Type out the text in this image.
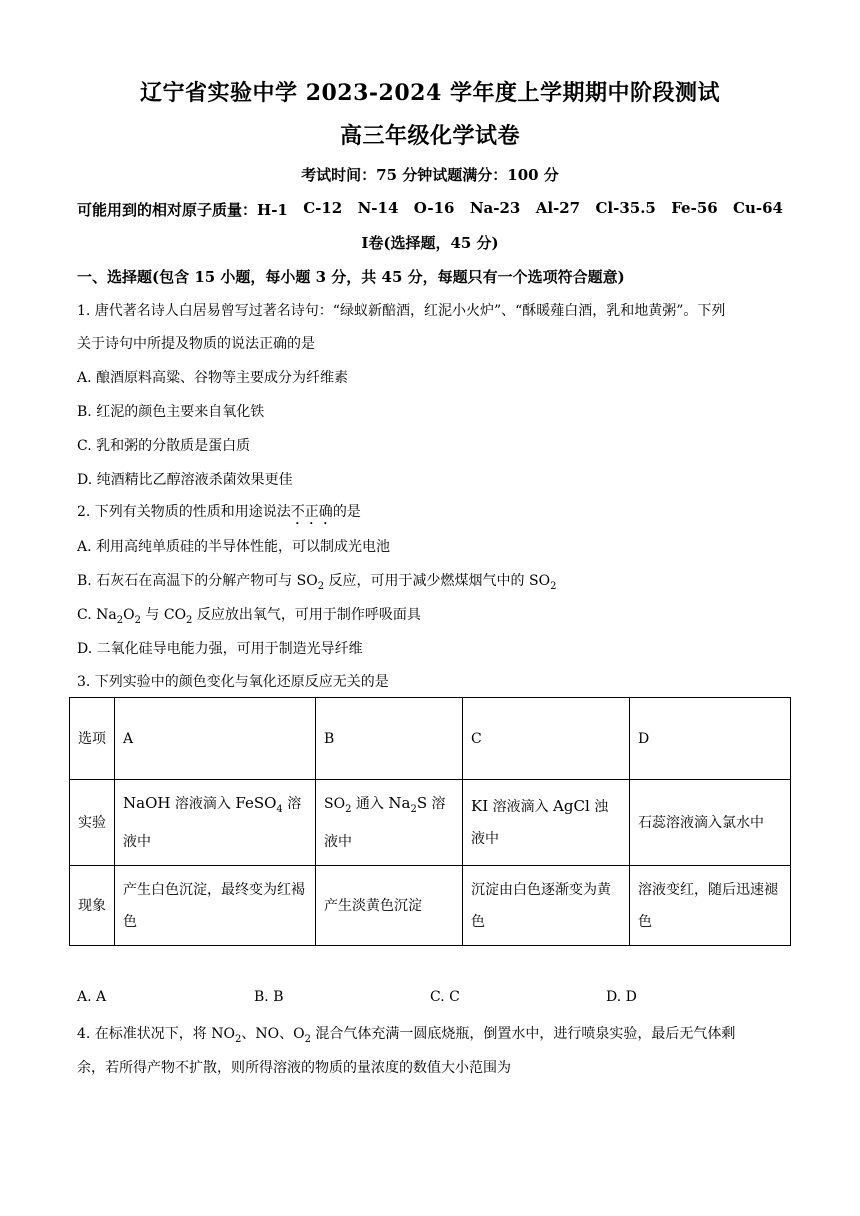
辽宁省实验中学 2023-2024 学年度上学期期中阶段测试
高三年级化学试卷
考试时间：75 分钟试题满分：100 分
可能用到的相对原子质量：H-1 C-12 N-14 O-16 Na-23 Al-27 Cl-35.5 Fe-56 Cu-64
Ⅰ卷(选择题，45 分)
一、选择题(包含 15 小题，每小题 3 分，共 45 分，每题只有一个选项符合题意)
1. 唐代著名诗人白居易曾写过著名诗句：“绿蚁新醅酒，红泥小火炉”、“酥暖薤白酒，乳和地黄粥”。下列
关于诗句中所提及物质的说法正确的是
A. 酿酒原料高粱、谷物等主要成分为纤维素
B. 红泥的颜色主要来自氧化铁
C. 乳和粥的分散质是蛋白质
D. 纯酒精比乙醇溶液杀菌效果更佳
2. 下列有关物质的性质和用途说法不正确的是
A. 利用高纯单质硅的半导体性能，可以制成光电池
B. 石灰石在高温下的分解产物可与 $SO_2$ 反应，可用于减少燃煤烟气中的 $SO_2$
C. $Na_2O_2$ 与 $CO_2$ 反应放出氧气，可用于制作呼吸面具
D. 二氧化硅导电能力强，可用于制造光导纤维
3. 下列实验中的颜色变化与氧化还原反应无关的是
选项	A	B	C	D
实验	NaOH 溶液滴入 FeSO$_4$ 溶液中	$SO_2$ 通入 $Na_2S$ 溶液中	KI 溶液滴入 AgCl 浊液中	石蕊溶液滴入氯水中
现象	产生白色沉淀，最终变为红褐色	产生淡黄色沉淀	沉淀由白色逐渐变为黄色	溶液变红，随后迅速褪色
A. A	B. B	C. C	D. D
4. 在标准状况下，将 $NO_2$、NO、$O_2$ 混合气体充满一圆底烧瓶，倒置水中，进行喷泉实验，最后无气体剩
余，若所得产物不扩散，则所得溶液的物质的量浓度的数值大小范围为
